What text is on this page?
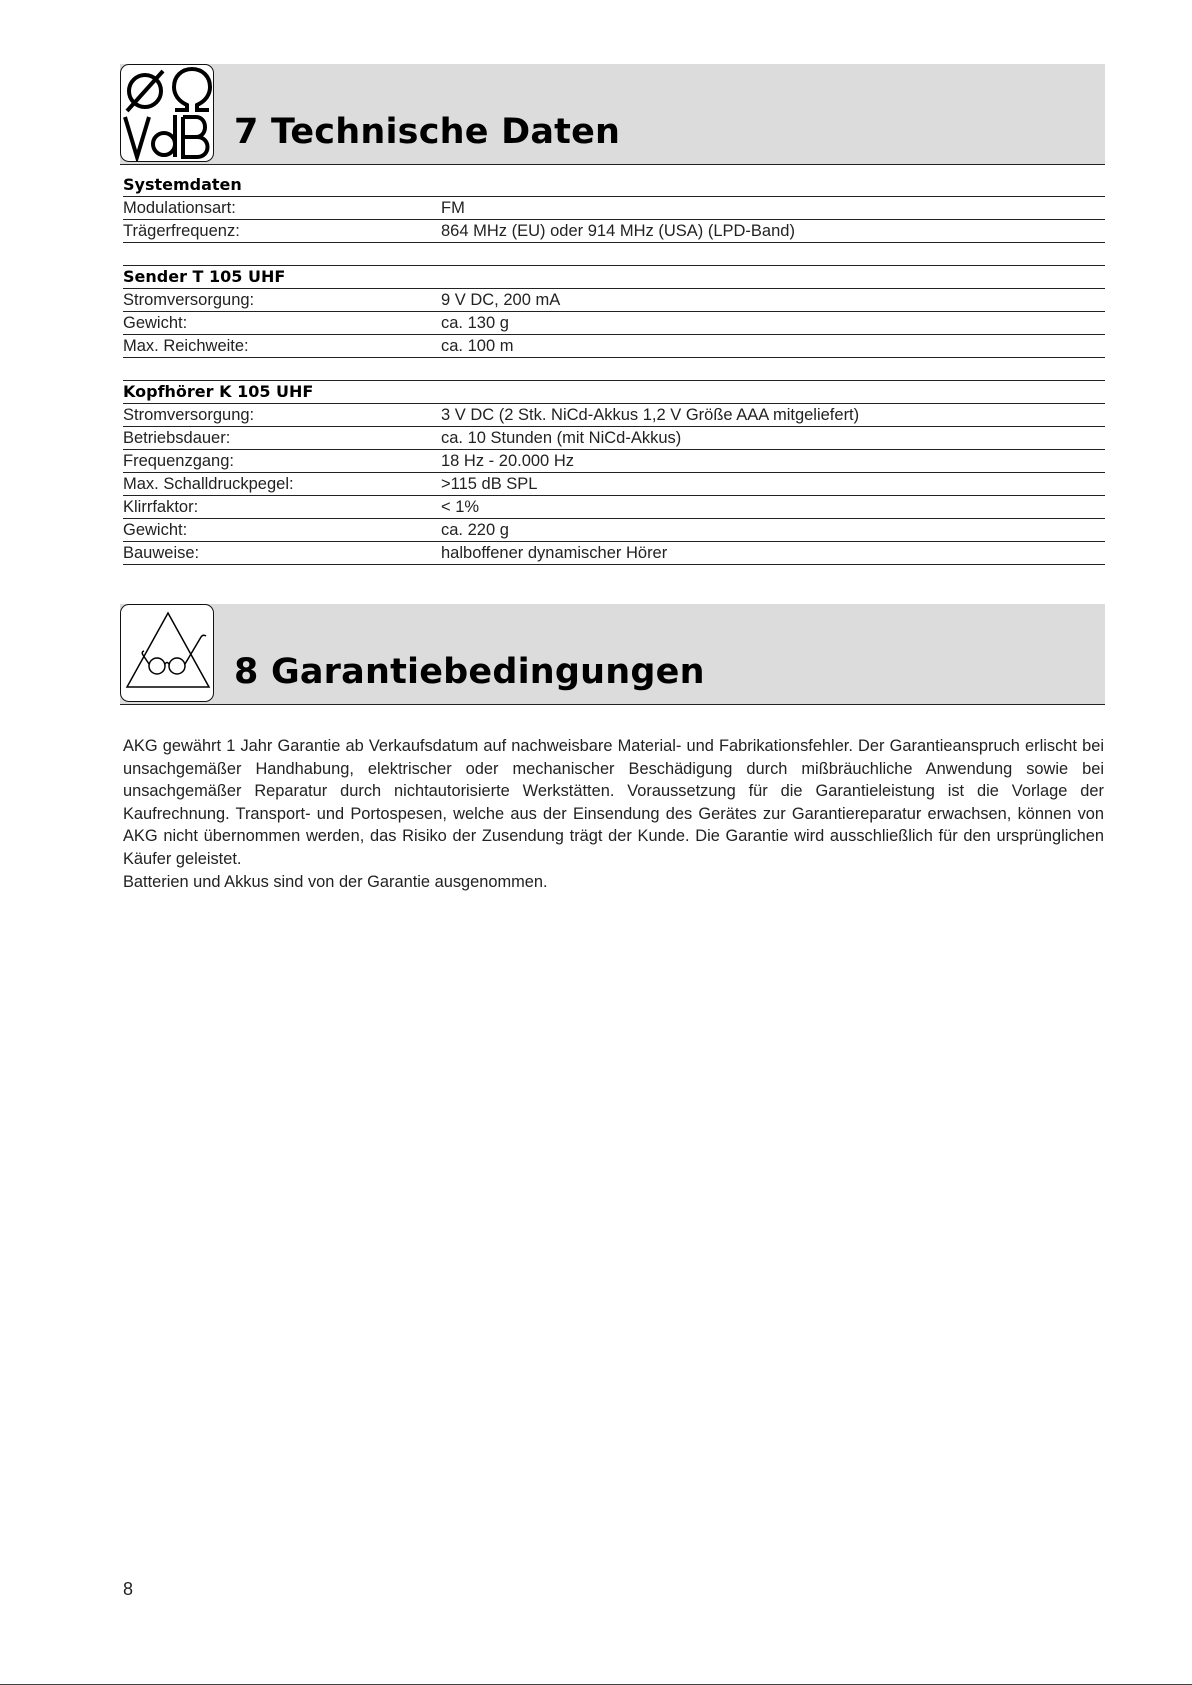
7 Technische Daten
Systemdaten
Modulationsart:	FM
Trägerfrequenz:	864 MHz (EU) oder 914 MHz (USA) (LPD-Band)
Sender T 105 UHF
Stromversorgung:	9 V DC, 200 mA
Gewicht:	ca. 130 g
Max. Reichweite:	ca. 100 m
Kopfhörer K 105 UHF
Stromversorgung:	3 V DC (2 Stk. NiCd-Akkus 1,2 V Größe AAA mitgeliefert)
Betriebsdauer:	ca. 10 Stunden (mit NiCd-Akkus)
Frequenzgang:	18 Hz - 20.000 Hz
Max. Schalldruckpegel:	>115 dB SPL
Klirrfaktor:	< 1%
Gewicht:	ca. 220 g
Bauweise:	halboffener dynamischer Hörer
8 Garantiebedingungen

AKG gewährt 1 Jahr Garantie ab Verkaufsdatum auf nachweisbare Material- und Fabrikationsfehler. Der Garantieanspruch erlischt bei unsachgemäßer Handhabung, elektrischer oder mechanischer Beschädigung durch mißbräuchliche Anwendung sowie bei unsachgemäßer Reparatur durch nichtautorisierte Werkstätten. Voraussetzung für die Garantieleistung ist die Vorlage der Kaufrechnung. Transport- und Portospesen, welche aus der Einsendung des Gerätes zur Garantiereparatur erwachsen, können von AKG nicht übernommen werden, das Risiko der Zusendung trägt der Kunde. Die Garantie wird ausschließlich für den ursprünglichen Käufer geleistet.

Batterien und Akkus sind von der Garantie ausgenommen.

8
